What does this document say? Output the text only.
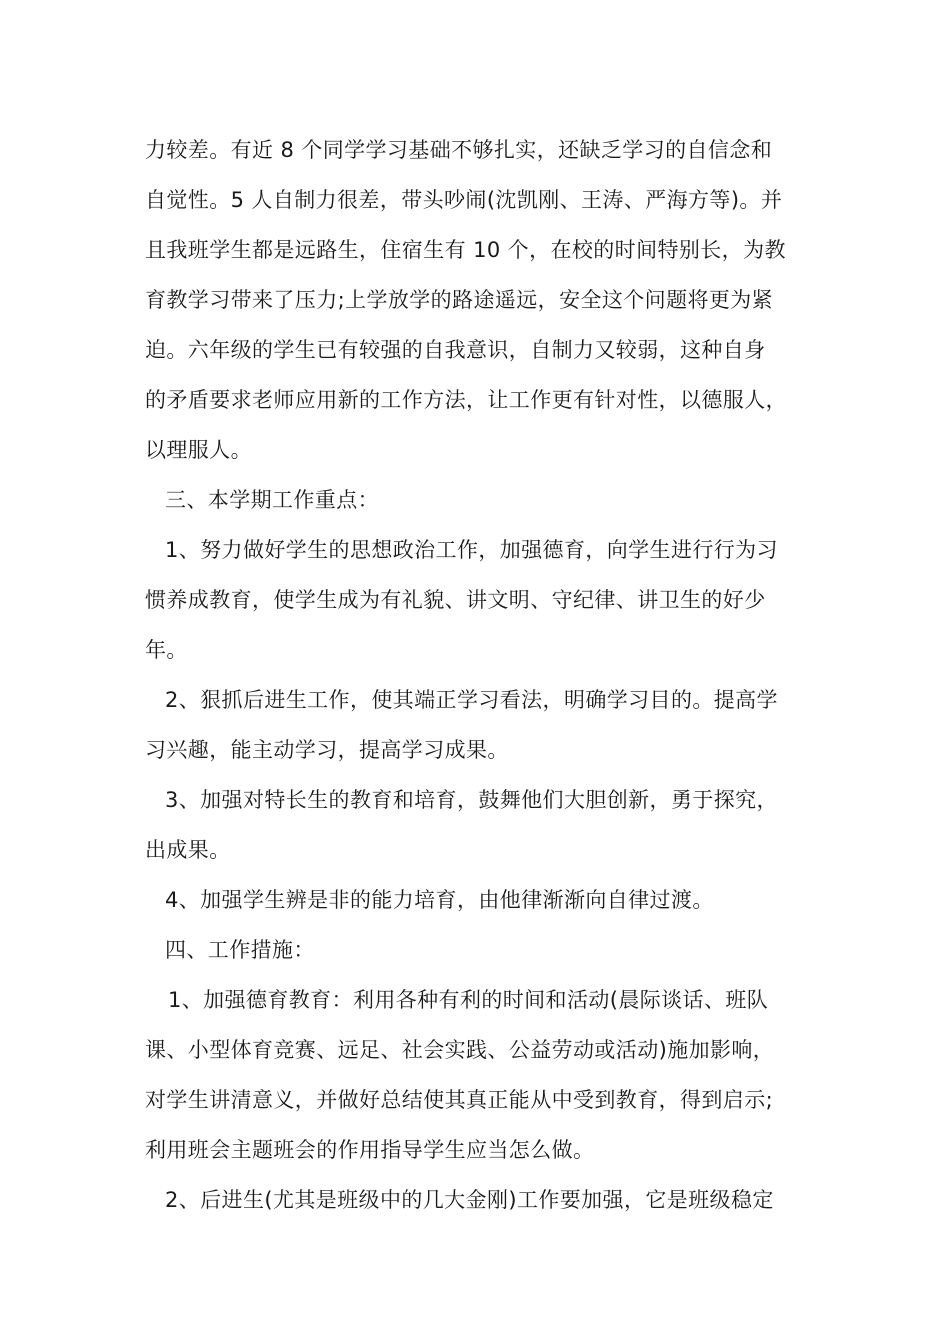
力较差。有近 8 个同学学习基础不够扎实，还缺乏学习的自信念和
自觉性。5 人自制力很差，带头吵闹(沈凯刚、王涛、严海方等)。并
且我班学生都是远路生，住宿生有 10 个，在校的时间特别长，为教
育教学习带来了压力;上学放学的路途遥远，安全这个问题将更为紧
迫。六年级的学生已有较强的自我意识，自制力又较弱，这种自身
的矛盾要求老师应用新的工作方法，让工作更有针对性，以德服人，
以理服人。
三、本学期工作重点：
1、努力做好学生的思想政治工作，加强德育，向学生进行行为习
惯养成教育，使学生成为有礼貌、讲文明、守纪律、讲卫生的好少
年。
2、狠抓后进生工作，使其端正学习看法，明确学习目的。提高学
习兴趣，能主动学习，提高学习成果。
3、加强对特长生的教育和培育，鼓舞他们大胆创新，勇于探究，
出成果。
4、加强学生辨是非的能力培育，由他律渐渐向自律过渡。
四、工作措施：
1、加强德育教育：利用各种有利的时间和活动(晨际谈话、班队
课、小型体育竞赛、远足、社会实践、公益劳动或活动)施加影响，
对学生讲清意义，并做好总结使其真正能从中受到教育，得到启示;
利用班会主题班会的作用指导学生应当怎么做。
2、后进生(尤其是班级中的几大金刚)工作要加强，它是班级稳定
